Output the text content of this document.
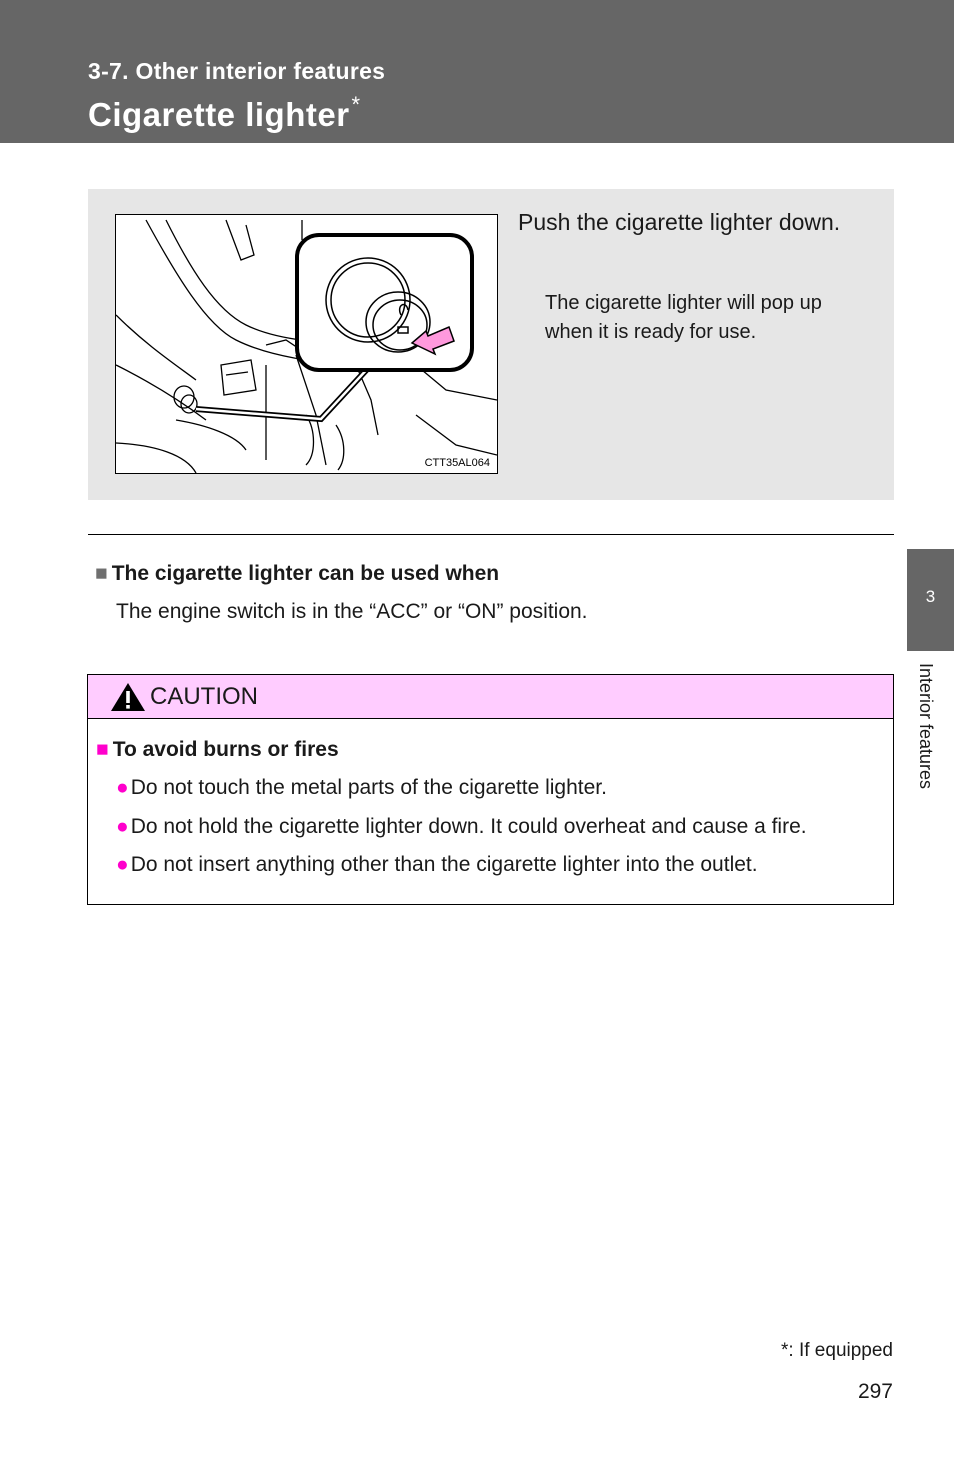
3-7. Other interior features
Cigarette lighter*
CTT35AL064
Push the cigarette lighter down.
The cigarette lighter will pop up when it is ready for use.
■ The cigarette lighter can be used when
The engine switch is in the “ACC” or “ON” position.
CAUTION
■ To avoid burns or fires
●Do not touch the metal parts of the cigarette lighter.
●Do not hold the cigarette lighter down. It could overheat and cause a fire.
●Do not insert anything other than the cigarette lighter into the outlet.
3
Interior features
*: If equipped
297
